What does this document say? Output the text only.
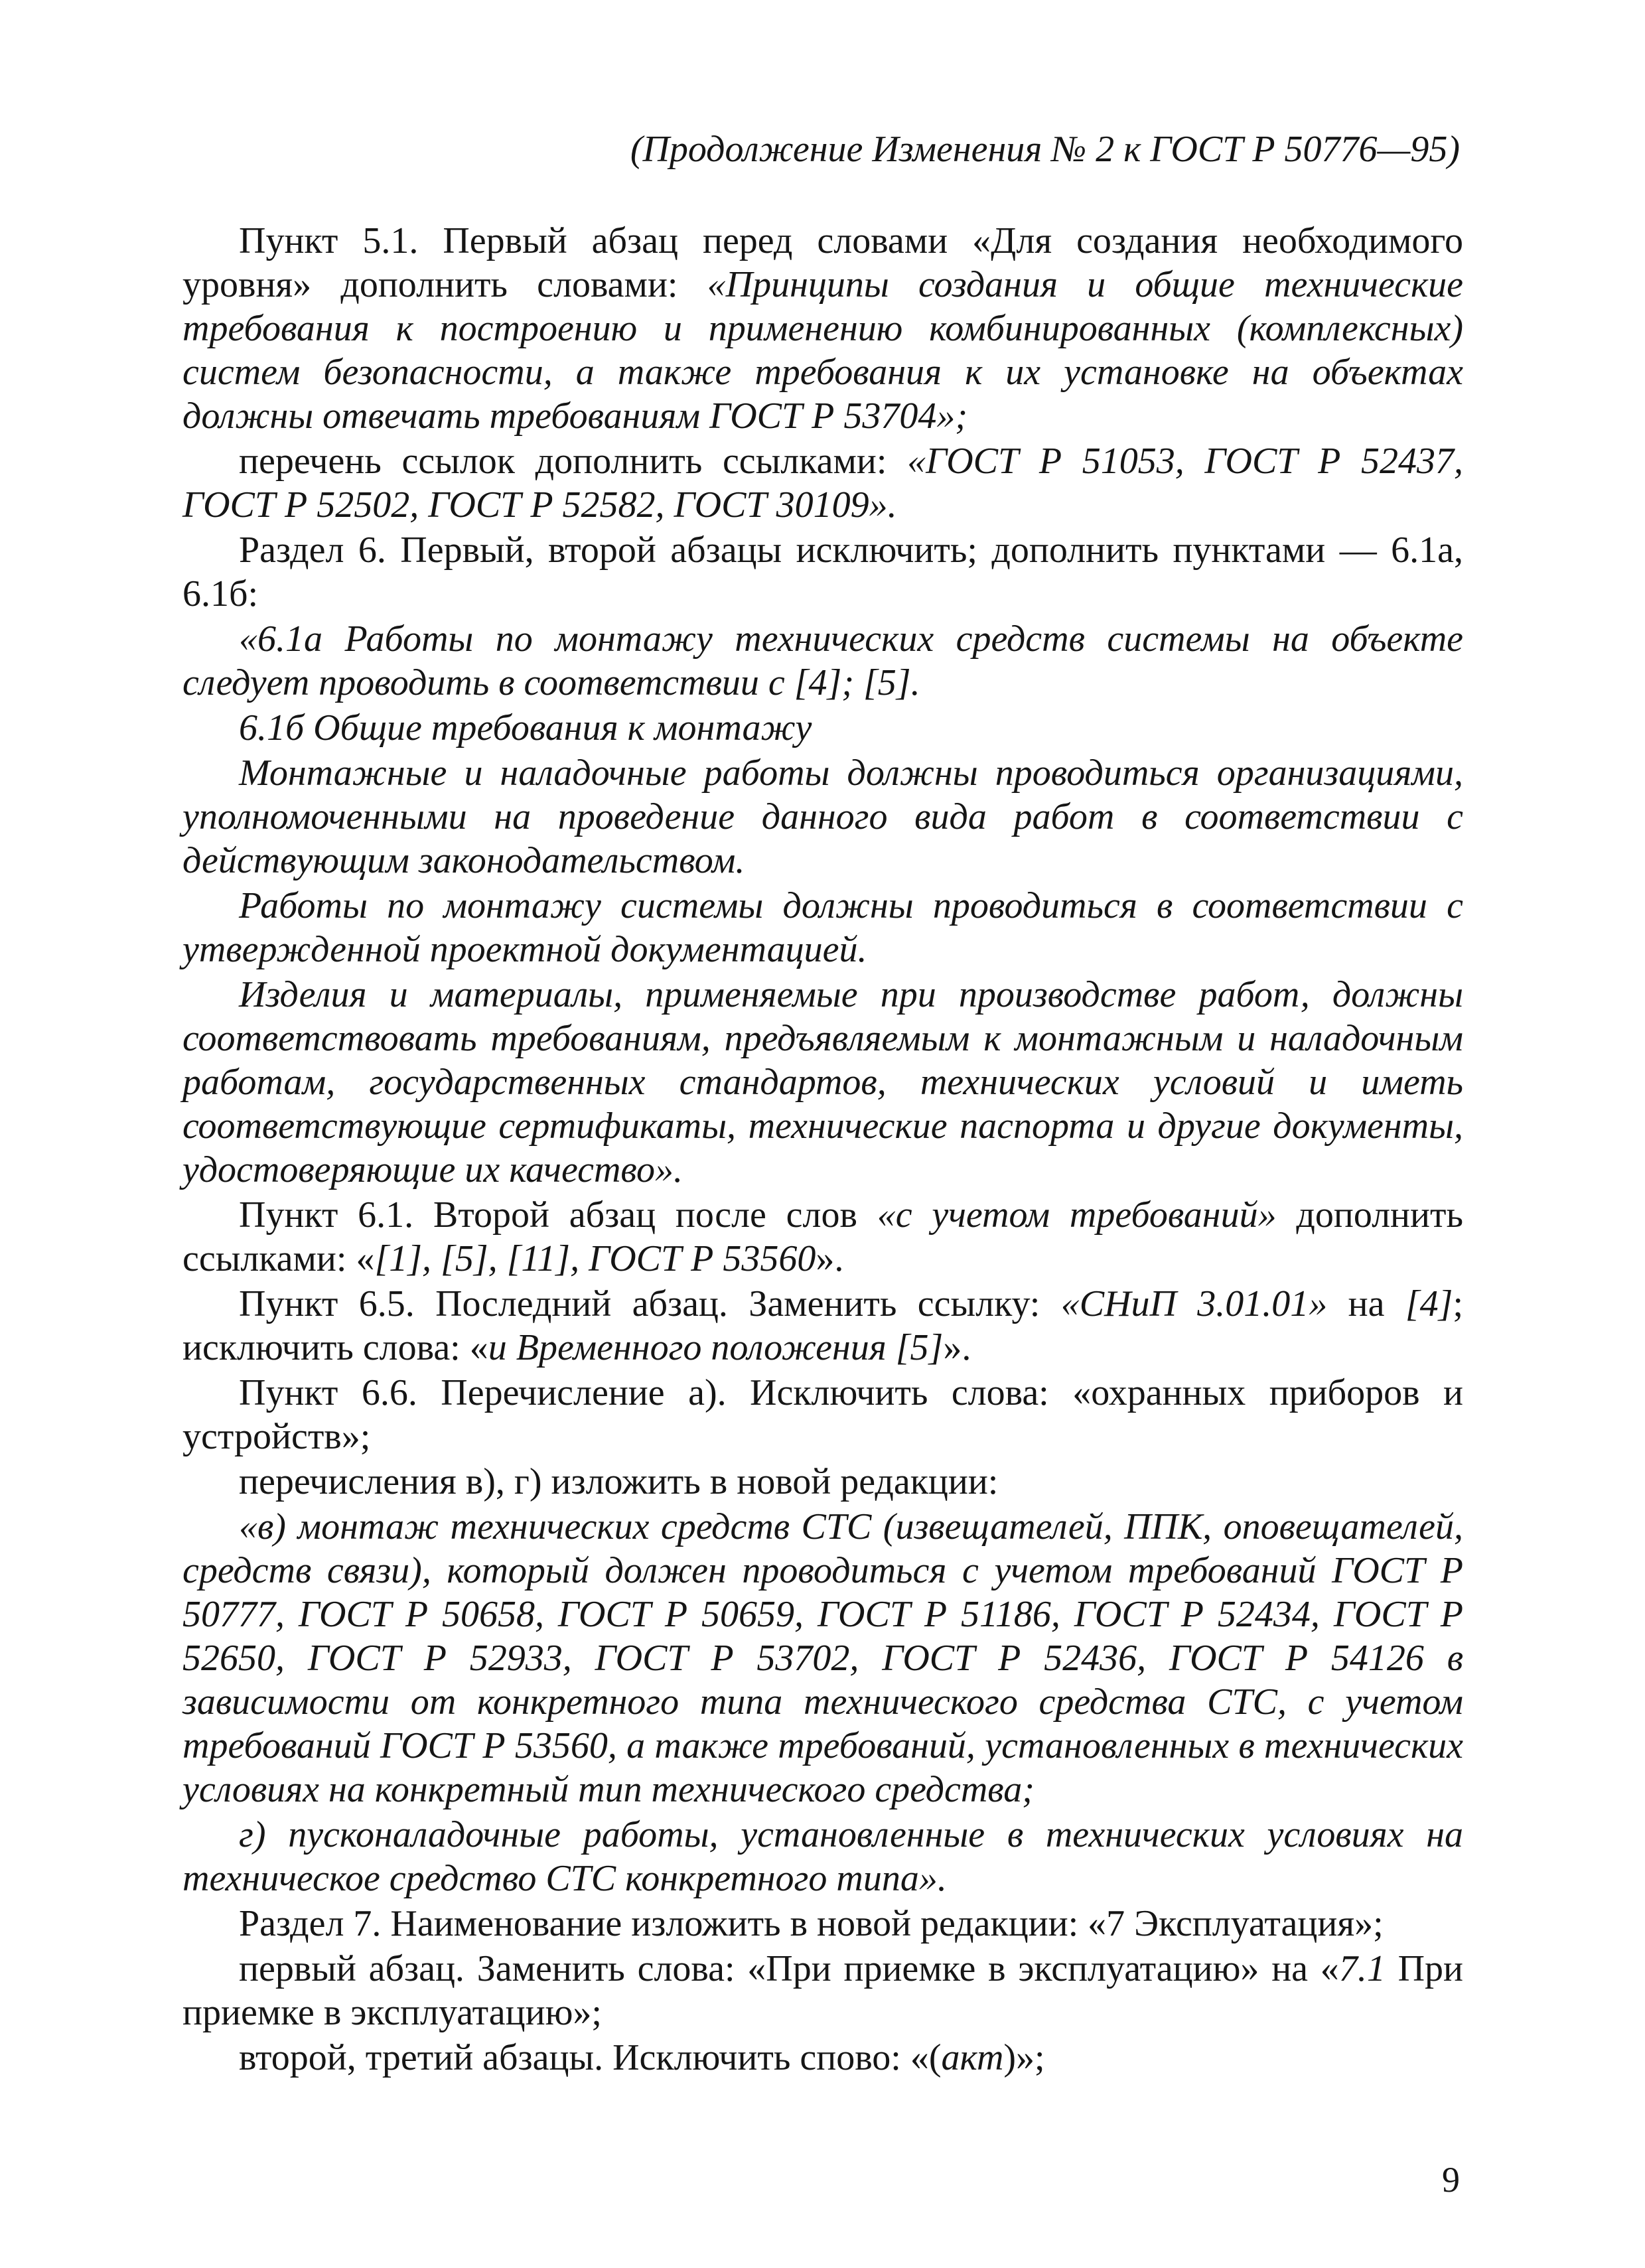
(Продолжение Изменения № 2 к ГОСТ Р 50776—95)

Пункт 5.1. Первый абзац перед словами «Для создания необходимого уровня» дополнить словами: «Принципы создания и общие технические требования к построению и применению комбинированных (комплексных) систем безопасности, а также требования к их установке на объектах должны отвечать требованиям ГОСТ Р 53704»;

перечень ссылок дополнить ссылками: «ГОСТ Р 51053, ГОСТ Р 52437, ГОСТ Р 52502, ГОСТ Р 52582, ГОСТ 30109».

Раздел 6. Первый, второй абзацы исключить; дополнить пунктами — 6.1а, 6.1б:

«6.1а Работы по монтажу технических средств системы на объекте следует проводить в соответствии с [4]; [5].

6.1б Общие требования к монтажу

Монтажные и наладочные работы должны проводиться организациями, уполномоченными на проведение данного вида работ в соответствии с действующим законодательством.

Работы по монтажу системы должны проводиться в соответствии с утвержденной проектной документацией.

Изделия и материалы, применяемые при производстве работ, должны соответствовать требованиям, предъявляемым к монтажным и наладочным работам, государственных стандартов, технических условий и иметь соответствующие сертификаты, технические паспорта и другие документы, удостоверяющие их качество».

Пункт 6.1. Второй абзац после слов «с учетом требований» дополнить ссылками: «[1], [5], [11], ГОСТ Р 53560».

Пункт 6.5. Последний абзац. Заменить ссылку: «СНиП 3.01.01» на [4]; исключить слова: «и Временного положения [5]».

Пункт 6.6. Перечисление а). Исключить слова: «охранных приборов и устройств»;

перечисления в), г) изложить в новой редакции:

«в) монтаж технических средств СТС (извещателей, ППК, оповещателей, средств связи), который должен проводиться с учетом требований ГОСТ Р 50777, ГОСТ Р 50658, ГОСТ Р 50659, ГОСТ Р 51186, ГОСТ Р 52434, ГОСТ Р 52650, ГОСТ Р 52933, ГОСТ Р 53702, ГОСТ Р 52436, ГОСТ Р 54126 в зависимости от конкретного типа технического средства СТС, с учетом требований ГОСТ Р 53560, а также требований, установленных в технических условиях на конкретный тип технического средства;

г) пусконаладочные работы, установленные в технических условиях на техническое средство СТС конкретного типа».

Раздел 7. Наименование изложить в новой редакции: «7 Эксплуатация»;

первый абзац. Заменить слова: «При приемке в эксплуатацию» на «7.1 При приемке в эксплуатацию»;

второй, третий абзацы. Исключить спово: «(акт)»;

9
